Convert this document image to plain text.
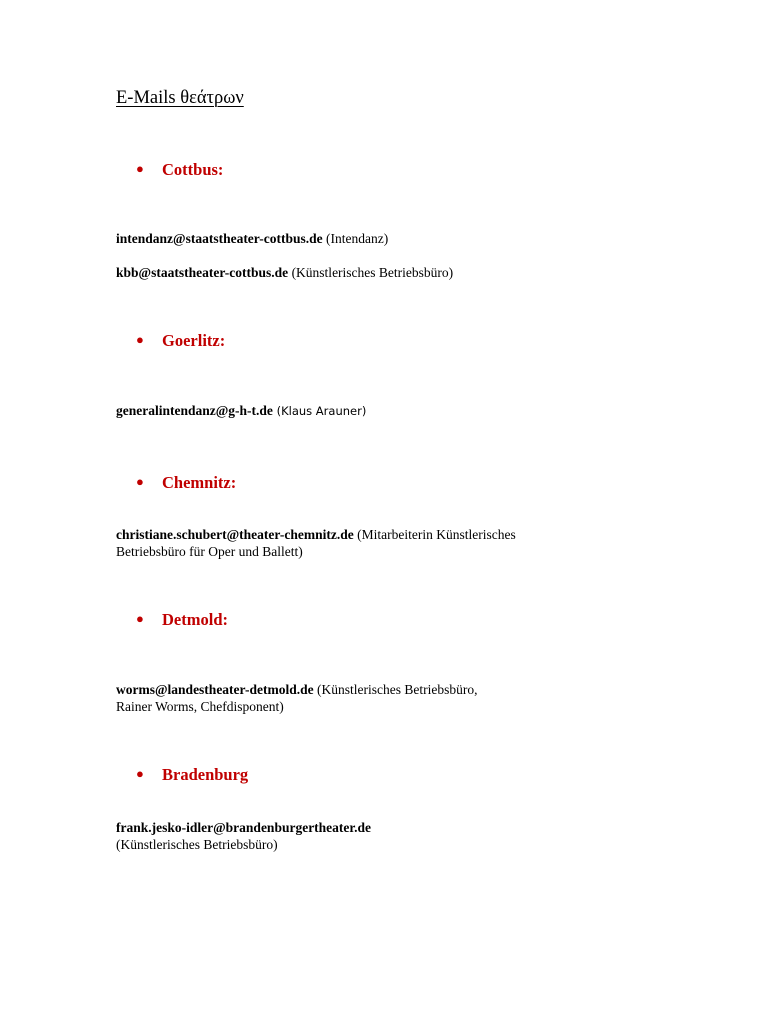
E-Mails θεάτρων
● Cottbus:
intendanz@staatstheater-cottbus.de (Intendanz)
kbb@staatstheater-cottbus.de (Künstlerisches Betriebsbüro)
● Goerlitz:
generalintendanz@g-h-t.de (Klaus Arauner)
● Chemnitz:
christiane.schubert@theater-chemnitz.de (Mitarbeiterin Künstlerisches
Betriebsbüro für Oper und Ballett)
● Detmold:
worms@landestheater-detmold.de (Künstlerisches Betriebsbüro,
Rainer Worms, Chefdisponent)
● Bradenburg
frank.jesko-idler@brandenburgertheater.de
(Künstlerisches Betriebsbüro)
